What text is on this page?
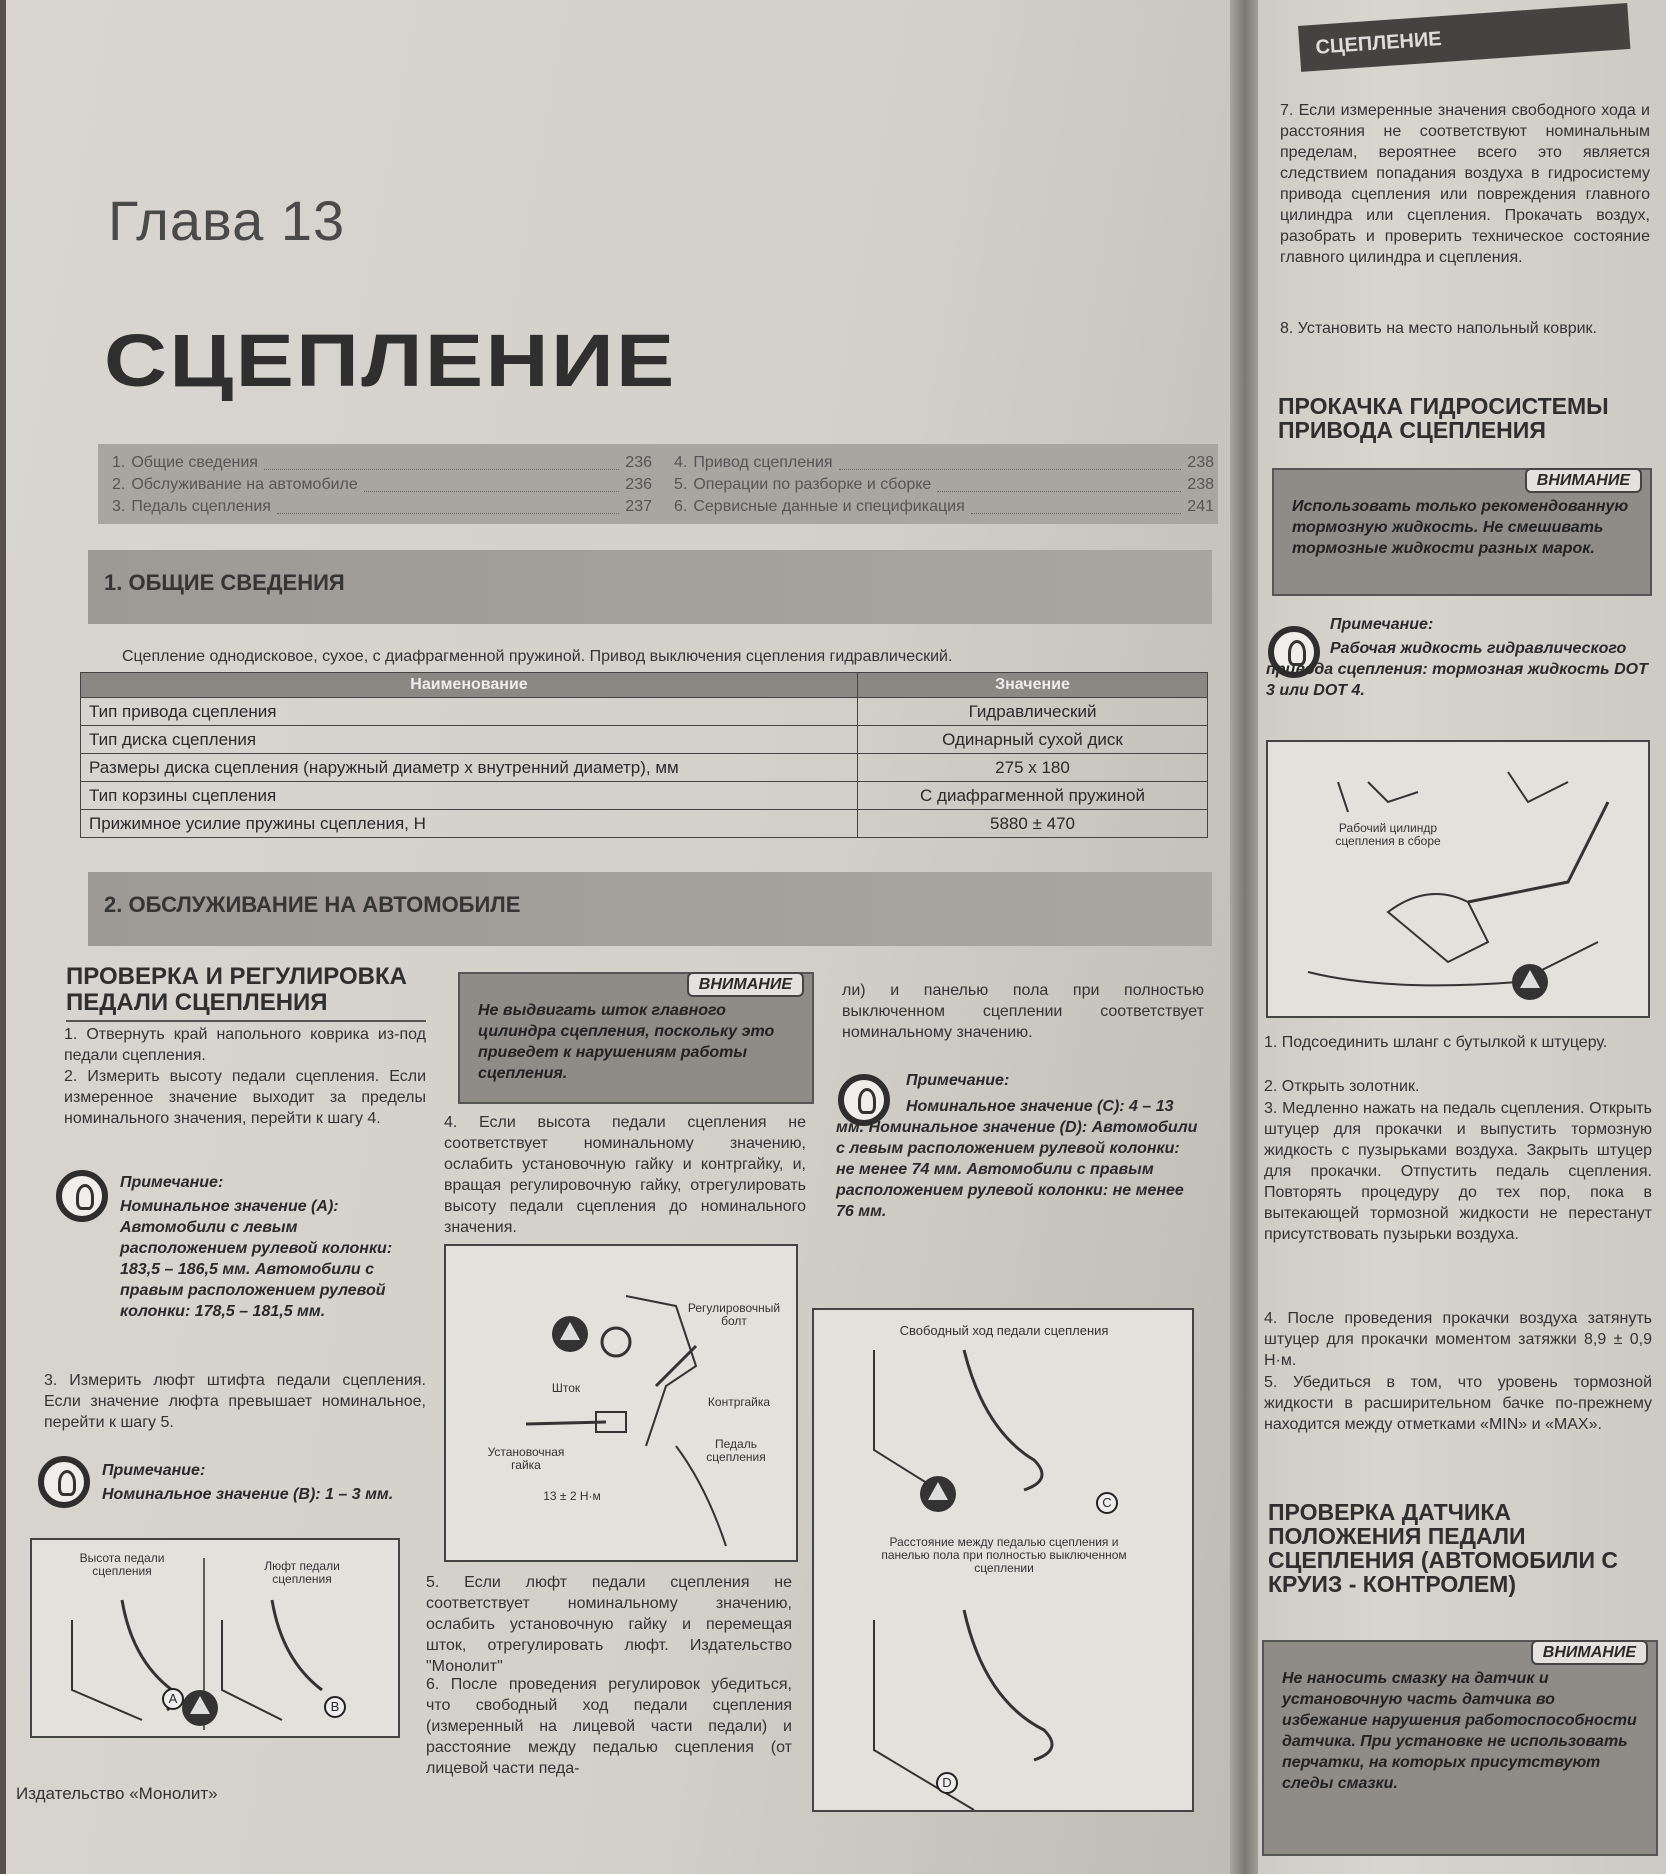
Глава 13
СЦЕПЛЕНИЕ
1. Общие сведения	236
2. Обслуживание на автомобиле	236
3. Педаль сцепления	237
4. Привод сцепления	238
5. Операции по разборке и сборке	238
6. Сервисные данные и спецификация	241
1. ОБЩИЕ СВЕДЕНИЯ
Сцепление однодисковое, сухое, с диафрагменной пружиной. Привод выключения сцепления гидравлический.
Наименование	Значение
Тип привода сцепления	Гидравлический
Тип диска сцепления	Одинарный сухой диск
Размеры диска сцепления (наружный диаметр x внутренний диаметр), мм	275 x 180
Тип корзины сцепления	С диафрагменной пружиной
Прижимное усилие пружины сцепления, Н	5880 ± 470
2. ОБСЛУЖИВАНИЕ НА АВТОМОБИЛЕ
ПРОВЕРКА И РЕГУЛИРОВКА ПЕДАЛИ СЦЕПЛЕНИЯ
1. Отвернуть край напольного коврика из-под педали сцепления.
2. Измерить высоту педали сцепления. Если измеренное значение выходит за пределы номинального значения, перейти к шагу 4.
Примечание:
Номинальное значение (А): Автомобили с левым расположением рулевой колонки: 183,5 – 186,5 мм. Автомобили с правым расположением рулевой колонки: 178,5 – 181,5 мм.
3. Измерить люфт штифта педали сцепления. Если значение люфта превышает номинальное, перейти к шагу 5.
Примечание:
Номинальное значение (В): 1 – 3 мм.
Высота педали сцепления	Люфт педали сцепления
A
B
ВНИМАНИЕ
Не выдвигать шток главного цилиндра сцепления, поскольку это приведет к нарушениям работы сцепления.
4. Если высота педали сцепления не соответствует номинальному значению, ослабить установочную гайку и контргайку, и, вращая регулировочную гайку, отрегулировать высоту педали сцепления до номинального значения.
Регулировочный болт
Шток
Контргайка
Установочная гайка
Педаль сцепления
13 ± 2 Н·м
5. Если люфт педали сцепления не соответствует номинальному значению, ослабить установочную гайку и перемещая шток, отрегулировать люфт. Издательство "Монолит"
6. После проведения регулировок убедиться, что свободный ход педали сцепления (измеренный на лицевой части педали) и расстояние между педалью сцепления (от лицевой части педа-
ли) и панелью пола при полностью выключенном сцеплении соответствует номинальному значению.
Примечание:
Номинальное значение (С): 4 – 13 мм. Номинальное значение (D): Автомобили с левым расположением рулевой колонки: не менее 74 мм. Автомобили с правым расположением рулевой колонки: не менее 76 мм.
Свободный ход педали сцепления
C
Расстояние между педалью сцепления и панелью пола при полностью выключенном сцеплении
D
Издательство «Монолит»
СЦЕПЛЕНИЕ
7. Если измеренные значения свободного хода и расстояния не соответствуют номинальным пределам, вероятнее всего это является следствием попадания воздуха в гидросистему привода сцепления или повреждения главного цилиндра или сцепления. Прокачать воздух, разобрать и проверить техническое состояние главного цилиндра и сцепления.
8. Установить на место напольный коврик.
ПРОКАЧКА ГИДРОСИСТЕМЫ ПРИВОДА СЦЕПЛЕНИЯ
ВНИМАНИЕ
Использовать только рекомендованную тормозную жидкость. Не смешивать тормозные жидкости разных марок.
Примечание:
Рабочая жидкость гидравлического привода сцепления: тормозная жидкость DOT 3 или DOT 4.
Рабочий цилиндр сцепления в сборе
1. Подсоединить шланг с бутылкой к штуцеру.
2. Открыть золотник.
3. Медленно нажать на педаль сцепления. Открыть штуцер для прокачки и выпустить тормозную жидкость с пузырьками воздуха. Закрыть штуцер для прокачки. Отпустить педаль сцепления. Повторять процедуру до тех пор, пока в вытекающей тормозной жидкости не перестанут присутствовать пузырьки воздуха.
4. После проведения прокачки воздуха затянуть штуцер для прокачки моментом затяжки 8,9 ± 0,9 Н·м.
5. Убедиться в том, что уровень тормозной жидкости в расширительном бачке по-прежнему находится между отметками «MIN» и «MAX».
ПРОВЕРКА ДАТЧИКА ПОЛОЖЕНИЯ ПЕДАЛИ СЦЕПЛЕНИЯ (АВТОМОБИЛИ С КРУИЗ - КОНТРОЛЕМ)
ВНИМАНИЕ
Не наносить смазку на датчик и установочную часть датчика во избежание нарушения работоспособности датчика. При установке не использовать перчатки, на которых присутствуют следы смазки.
